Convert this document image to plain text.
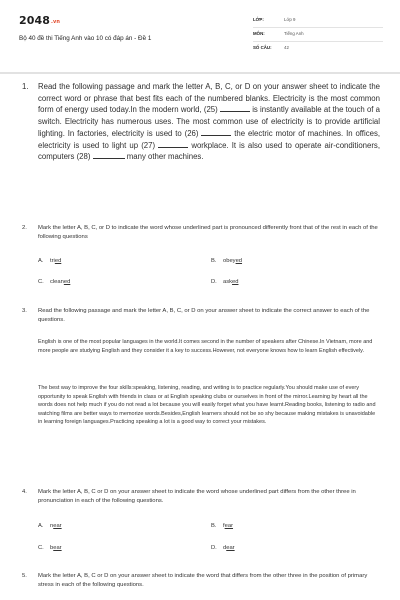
$2048^{.vn}$
Bộ 40 đề thi Tiếng Anh vào 10 có đáp án - Đề 1
LỚP:	Lớp 9
MÔN:	Tiếng Anh
SỐ CÂU:	42
1. Read the following passage and mark the letter A, B, C, or D on your answer sheet to indicate the correct word or phrase that best fits each of the numbered blanks. Electricity is the most common form of energy used today.In the modern world, (25)	is instantly available at the touch of a switch. Electricity has numerous uses. The most common use of electricity is to provide artificial lighting. In factories, electricity is used to (26)	the electric motor of machines. In offices, electricity is used to light up (27)	workplace. It is also used to operate air-conditioners, computers (28)	many other machines.
2. Mark the letter A, B, C, or D to indicate the word whose underlined part is pronounced differently front that of the rest in each of the following questions
A. tried	B. obeyed
C. cleaned	D. asked
3. Read the following passage and mark the letter A, B, C, or D on your answer sheet to indicate the correct answer to each of the questions.
English is one of the most popular languages in the world.It comes second in the number of speakers after Chinese.In Vietnam, more and more people are studying English and they consider it a key to success.However, not everyone knows how to learn English effectively.
The best way to improve the four skills:speaking, listening, reading, and writing is to practice regularly.You should make use of every opportunity to speak English with friends in class or at English speaking clubs or ourselves in front of the mirror.Learning by heart all the words does not help much if you do not read a lot because you will easily forget what you have learnt.Reading books, listening to radio and watching films are better ways to memorize words.Besides,English learners should not be so shy because making mistakes is unavoidable in learning foreign languages.Practicing speaking a lot is a good way to correct your mistakes.
4. Mark the letter A, B, C or D on your answer sheet to indicate the word whose underlined part differs from the other three in pronunciation in each of the following questions.
A. near	B. fear
C. bear	D. dear
5. Mark the letter A, B, C or D on your answer sheet to indicate the word that differs from the other three in the position of primary stress in each of the following questions.
